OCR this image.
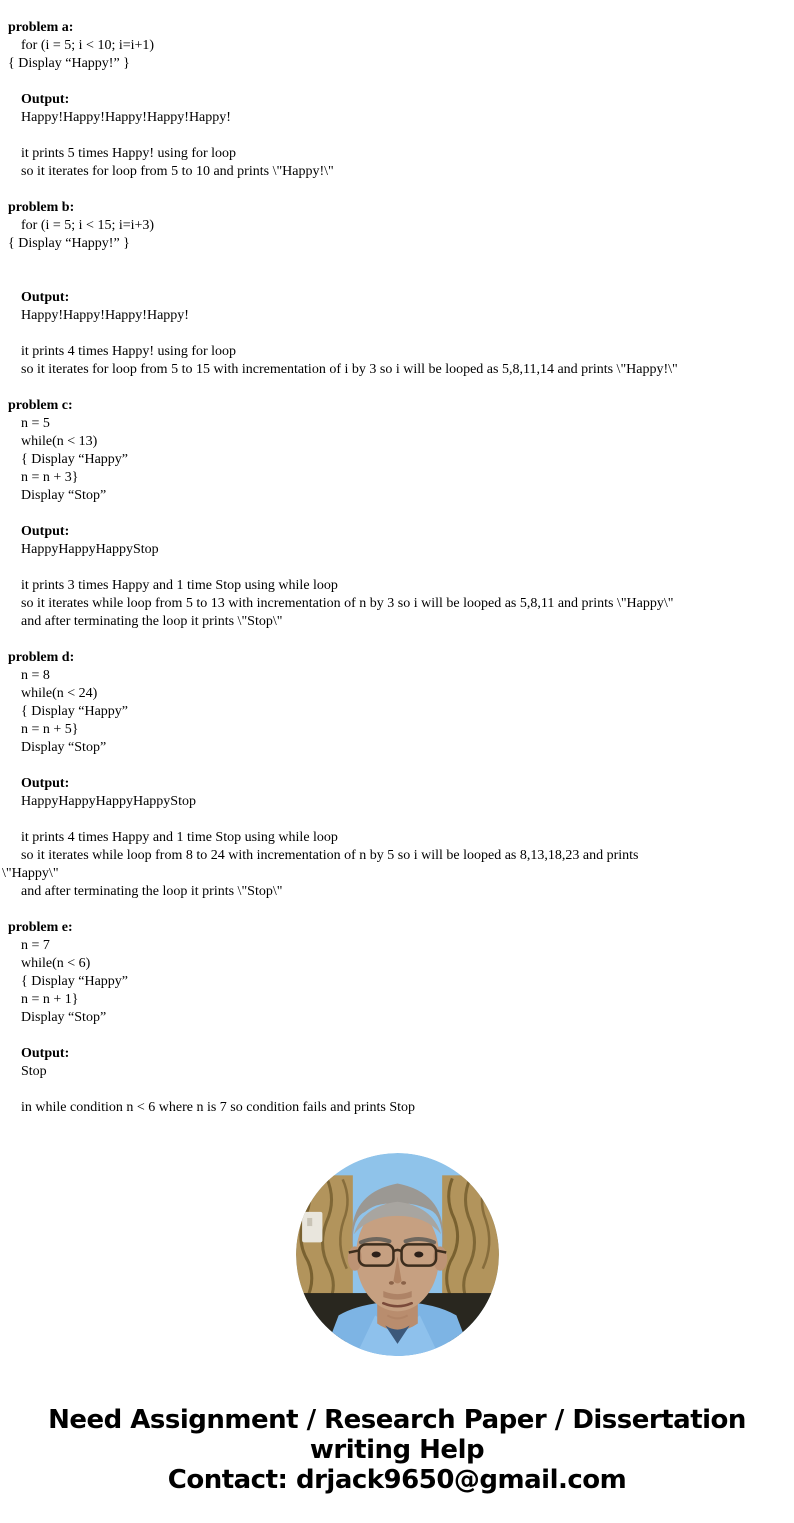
problem a:
for (i = 5; i < 10; i=i+1)
{ Display “Happy!” }

Output:
Happy!Happy!Happy!Happy!Happy!

it prints 5 times Happy! using for loop
so it iterates for loop from 5 to 10 and prints \"Happy!\"

problem b:
for (i = 5; i < 15; i=i+3)
{ Display “Happy!” }

Output:
Happy!Happy!Happy!Happy!

it prints 4 times Happy! using for loop
so it iterates for loop from 5 to 15 with incrementation of i by 3 so i will be looped as 5,8,11,14 and prints \"Happy!\"

problem c:
n = 5
while(n < 13)
{ Display “Happy”
n = n + 3}
Display “Stop”

Output:
HappyHappyHappyStop

it prints 3 times Happy and 1 time Stop using while loop
so it iterates while loop from 5 to 13 with incrementation of n by 3 so i will be looped as 5,8,11 and prints \"Happy\"
and after terminating the loop it prints \"Stop\"

problem d:
n = 8
while(n < 24)
{ Display “Happy”
n = n + 5}
Display “Stop”

Output:
HappyHappyHappyHappyStop

it prints 4 times Happy and 1 time Stop using while loop
so it iterates while loop from 8 to 24 with incrementation of n by 5 so i will be looped as 8,13,18,23 and prints
\"Happy\"
and after terminating the loop it prints \"Stop\"

problem e:
n = 7
while(n < 6)
{ Display “Happy”
n = n + 1}
Display “Stop”

Output:
Stop

in while condition n < 6 where n is 7 so condition fails and prints Stop
Need Assignment / Research Paper / Dissertation
writing Help
Contact: drjack9650@gmail.com
